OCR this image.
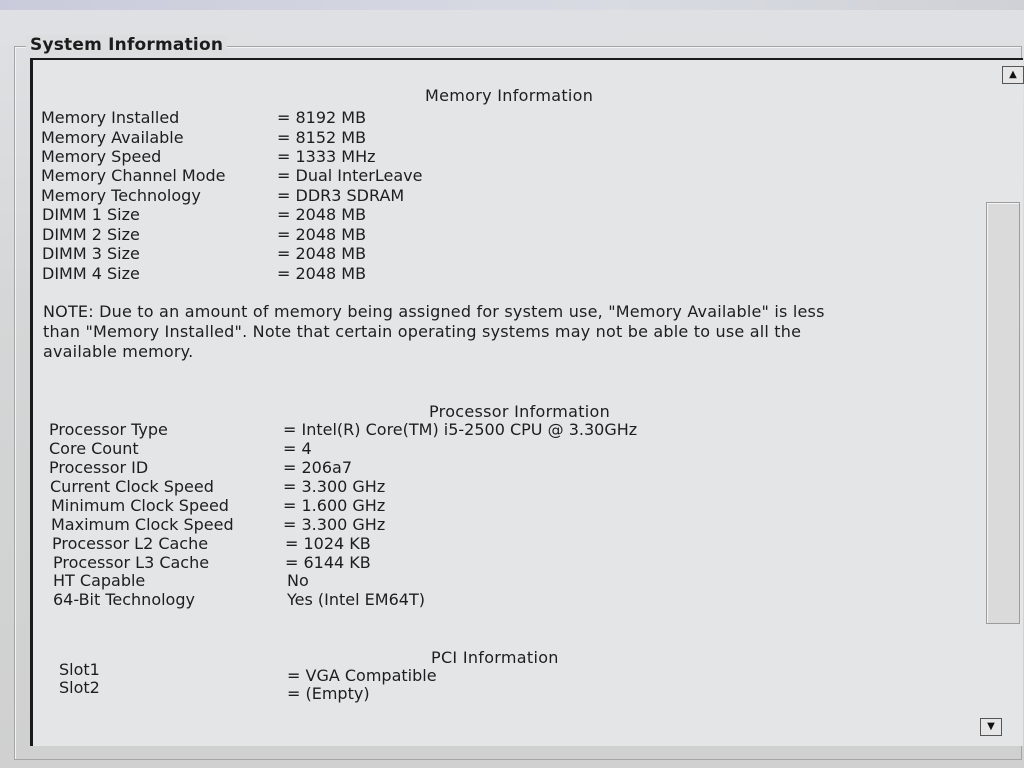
System Information
Memory Information
Memory Installed	= 8192 MB
Memory Available	= 8152 MB
Memory Speed	= 1333 MHz
Memory Channel Mode	= Dual InterLeave
Memory Technology	= DDR3 SDRAM
DIMM 1 Size	= 2048 MB
DIMM 2 Size	= 2048 MB
DIMM 3 Size	= 2048 MB
DIMM 4 Size	= 2048 MB
NOTE: Due to an amount of memory being assigned for system use, "Memory Available" is less
than "Memory Installed". Note that certain operating systems may not be able to use all the
available memory.
Processor Information
Processor Type	= Intel(R) Core(TM) i5-2500 CPU @ 3.30GHz
Core Count	= 4
Processor ID	= 206a7
Current Clock Speed	= 3.300 GHz
Minimum Clock Speed	= 1.600 GHz
Maximum Clock Speed	= 3.300 GHz
Processor L2 Cache	= 1024 KB
Processor L3 Cache	= 6144 KB
HT Capable	No
64-Bit Technology	Yes (Intel EM64T)
PCI Information
Slot1	= VGA Compatible
Slot2	= (Empty)
▲
▼
